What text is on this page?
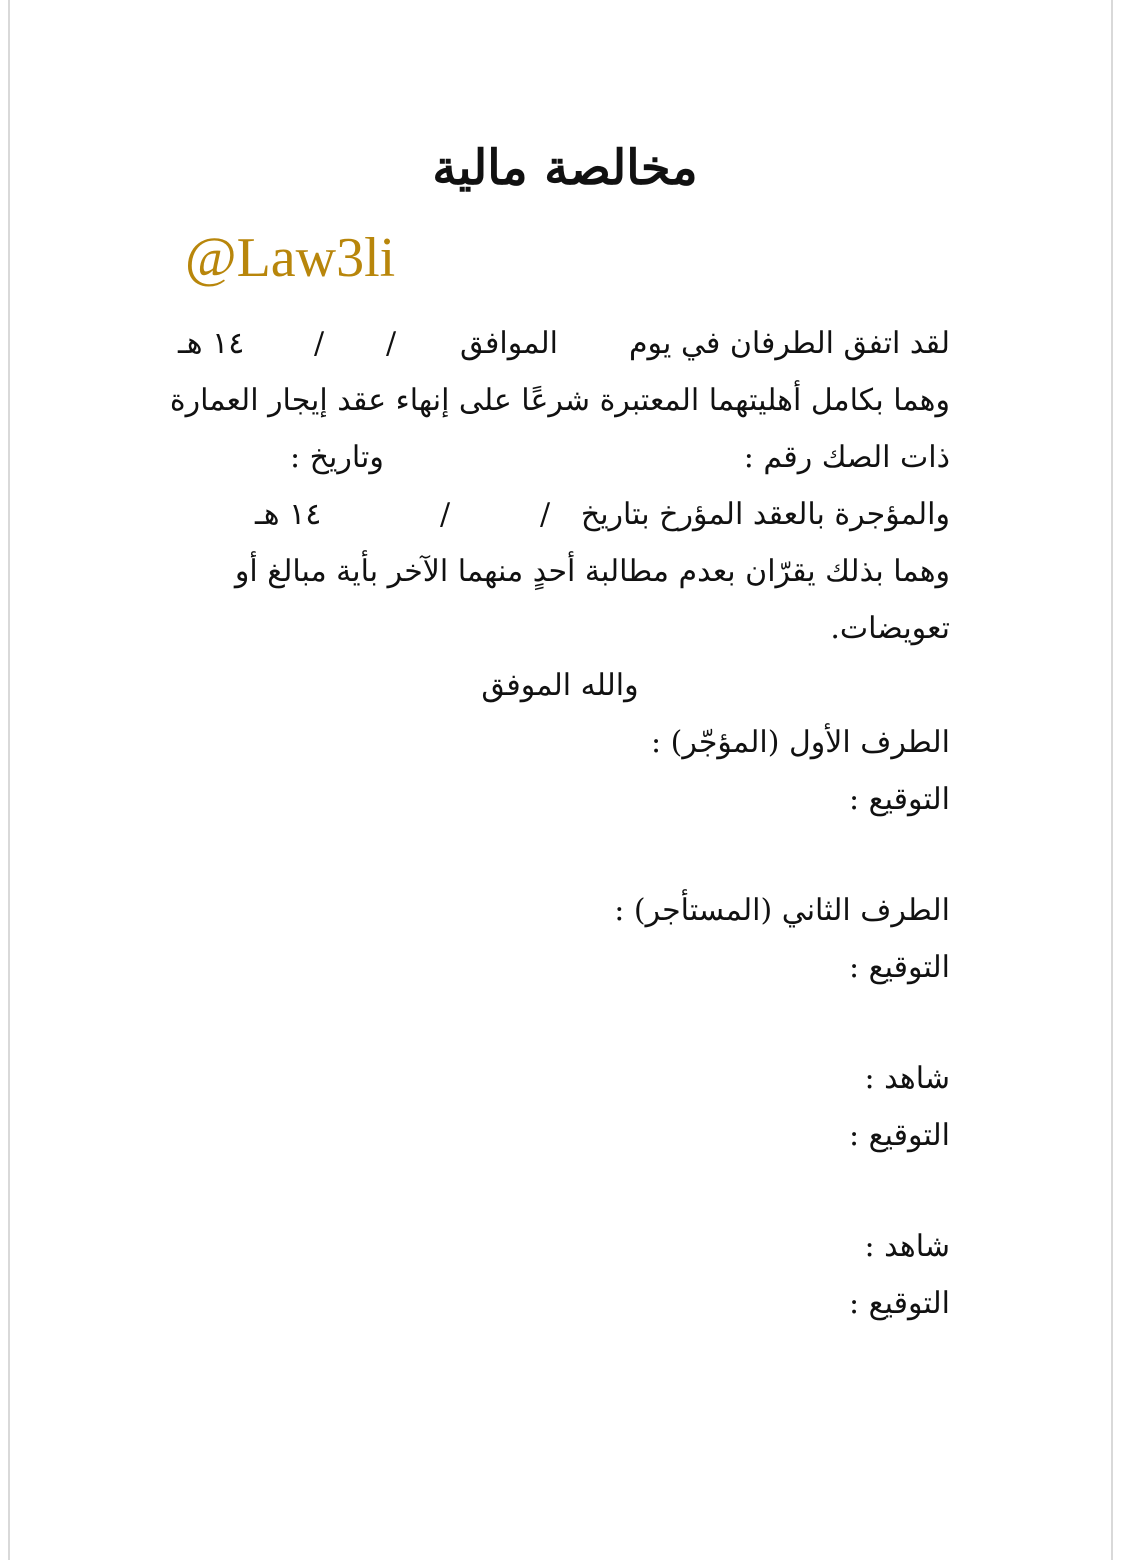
مخالصة مالية
@Law3li
لقد اتفق الطرفان في يوم
الموافق
/
/
١٤ هـ
وهما بكامل أهليتهما المعتبرة شرعًا على إنهاء عقد إيجار العمارة
ذات الصك رقم :
وتاريخ :
والمؤجرة بالعقد المؤرخ بتاريخ
/
/
١٤ هـ
وهما بذلك يقرّان بعدم مطالبة أحدٍ منهما الآخر بأية مبالغ أو
تعويضات.
والله الموفق
الطرف الأول (المؤجّر) :
التوقيع :
الطرف الثاني (المستأجر) :
التوقيع :
شاهد :
التوقيع :
شاهد :
التوقيع :
